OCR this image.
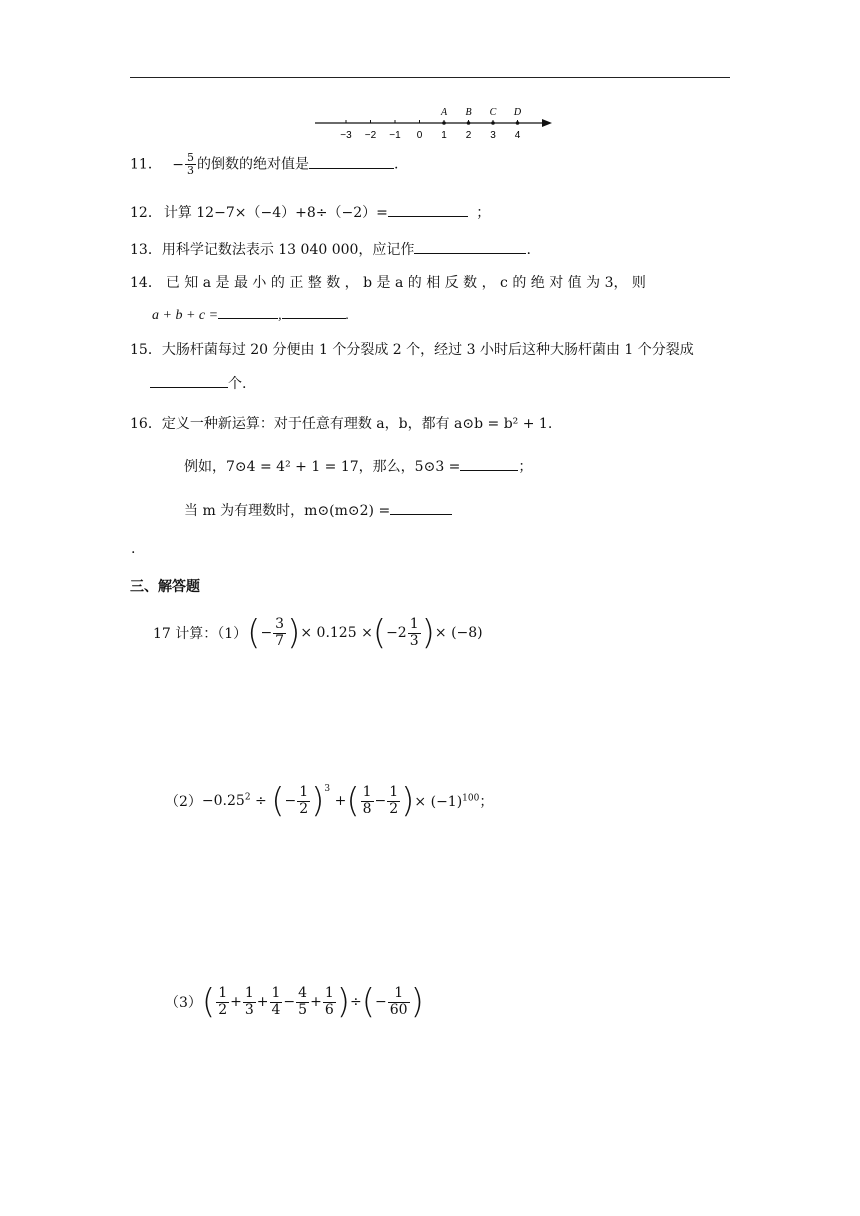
−3 −2 −1 0 1 2 3 4
A B C D
11． − $\frac{5}{3}$ 的倒数的绝对值是	.
12． 计算 12−7×（−4）+8÷（−2）=	；
13．用科学记数法表示 13 040 000，应记作	.
14． 已 知 a 是 最 小 的 正 整 数 ， b 是 a 的 相 反 数 ， c 的 绝 对 值 为 3， 则
a + b + c =	,	.
15．大肠杆菌每过 20 分便由 1 个分裂成 2 个，经过 3 小时后这种大肠杆菌由 1 个分裂成
个.
16．定义一种新运算：对于任意有理数 a，b，都有 a⊙b = b² + 1.
例如，7⊙4 = 4² + 1 = 17，那么，5⊙3 =	；
当 m 为有理数时，m⊙(m⊙2) =
.
三、解答题
17 计算：$(1)(- \frac{3}{7}$ )× $0.125 \times(-2 \frac{1}{3}$ )× (−8)
$(2)-0.25^2$ ÷ (− $\frac{1}{2} )^3$ +( $\frac{1}{8} - \frac{1}{2}$ )× $(-1)^{100}$；
$(3)( \frac{1}{2} + \frac{1}{3} + \frac{1}{4} - \frac{4}{5} + \frac{1}{6}$ )÷(− $\frac{1}{60}$ )
